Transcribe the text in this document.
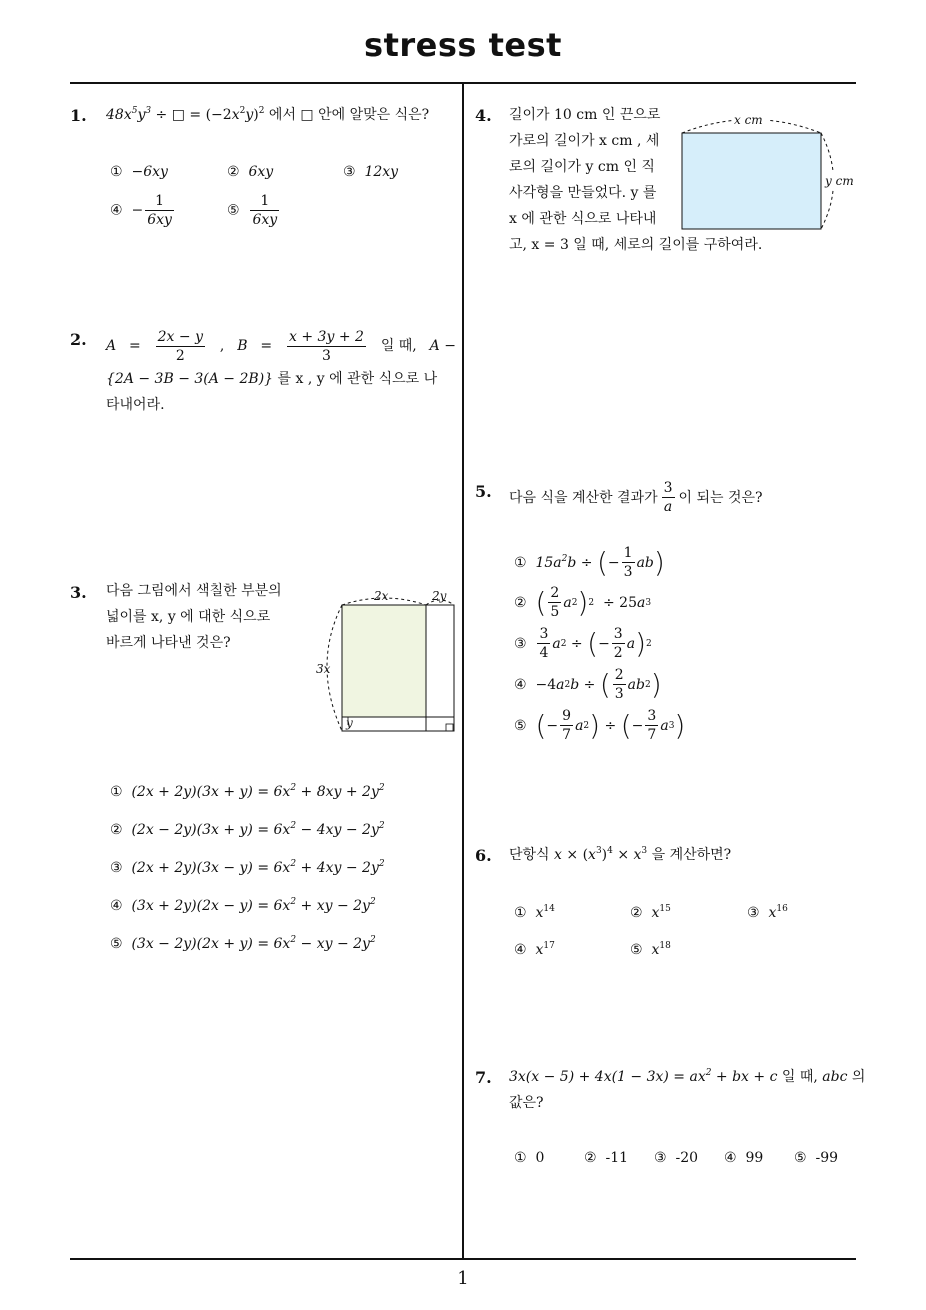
stress test
1
1. $48x^5y^3$ ÷ □ = $(-2x^2y)^2$ 에서 □ 안에 알맞은 식은?
① −6xy	② 6xy	③ 12xy
④ − $\frac{1}{6xy}$	⑤ $\frac{1}{6xy}$
2. $A = \frac{2x - y}{2}$ , $B = \frac{x + 3y + 2}{3}$ 일 때, A −
{2A − 3B − 3(A − 2B)} 를 x , y 에 관한 식으로 나
타내어라.
3. 다음 그림에서 색칠한 부분의
넓이를 x, y 에 대한 식으로
바르게 나타낸 것은?
2x	2y
3x
y
①  $(2x + 2y)(3x + y) = 6x^2 + 8xy + 2y^2$
②  $(2x - 2y)(3x + y) = 6x^2 - 4xy - 2y^2$
③  $(2x + 2y)(3x - y) = 6x^2 + 4xy - 2y^2$
④  $(3x + 2y)(2x - y) = 6x^2$ + xy − $2y^2$
⑤  $(3x - 2y)(2x + y) = 6x^2$ − xy − $2y^2$
4. 길이가 10 cm 인 끈으로
가로의 길이가 x cm , 세
로의 길이가 y cm 인 직
사각형을 만들었다. y 를
x 에 관한 식으로 나타내
고, x = 3 일 때, 세로의 길이를 구하여라.
x cm
y cm
5. 다음 식을 계산한 결과가 $\frac{3}{a}$ 이 되는 것은?
①
$15a^2b$ ÷ ( − $\frac{1}{3}$ ab )
②
( $\frac{2}{5}$ a 2 ) 2 ÷ 25 a 3
③
$\frac{3}{4}$ a 2 ÷ ( − $\frac{3}{2}$ a ) 2
④ −4 a 2 b ÷ ( $\frac{2}{3}$ ab 2 )
⑤
( − $\frac{9}{7}$ a 2 ) ÷ ( − $\frac{3}{7}$ a 3 )
6. 단항식 $x \times (x^3)^4 \times x^3$ 을 계산하면?
① $x^{14}$	② $x^{15}$	③ $x^{16}$
④ $x^{17}$	⑤ $x^{18}$
7. $3x(x - 5) + 4x(1 - 3x) = ax^2$ + bx + c 일 때, abc 의
값은?
① 0	② -11 ③ -20 ④ 99 ⑤ -99
